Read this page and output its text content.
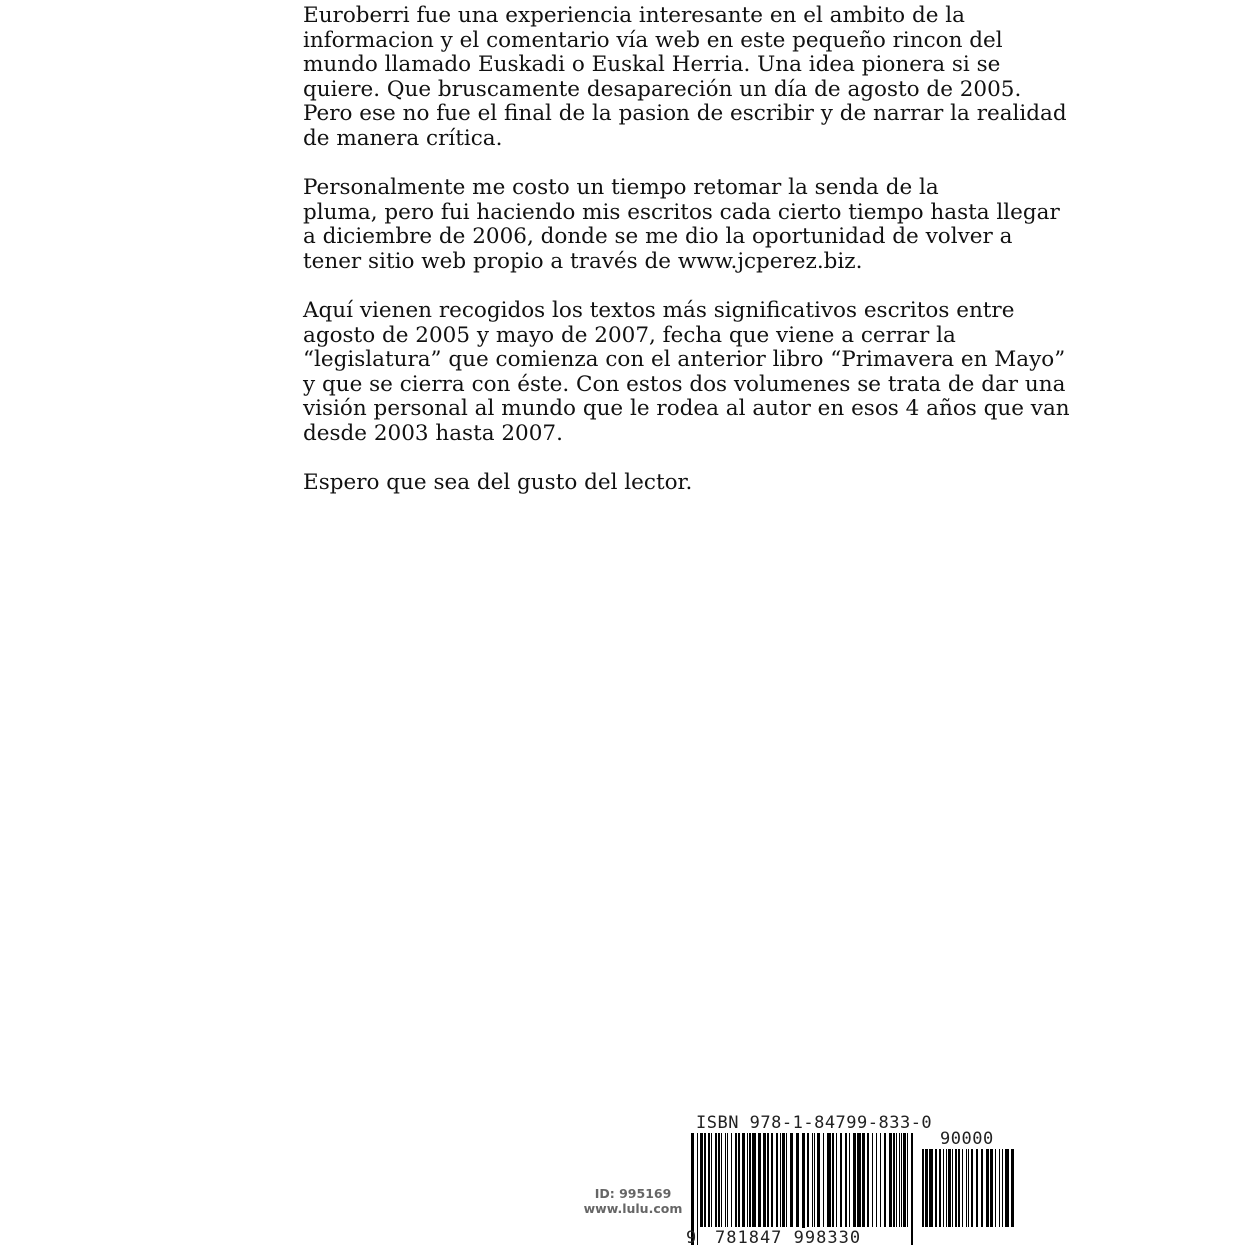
Euroberri fue una experiencia interesante en el ambito de la
informacion y el comentario vía web en este pequeño rincon del
mundo llamado Euskadi o Euskal Herria. Una idea pionera si se
quiere. Que bruscamente desapareción un día de agosto de 2005.
Pero ese no fue el final de la pasion de escribir y de narrar la realidad
de manera crítica.

Personalmente me costo un tiempo retomar la senda de la
pluma, pero fui haciendo mis escritos cada cierto tiempo hasta llegar
a diciembre de 2006, donde se me dio la oportunidad de volver a
tener sitio web propio a través de www.jcperez.biz.

Aquí vienen recogidos los textos más significativos escritos entre
agosto de 2005 y mayo de 2007, fecha que viene a cerrar la
“legislatura” que comienza con el anterior libro “Primavera en Mayo”
y que se cierra con éste. Con estos dos volumenes se trata de dar una
visión personal al mundo que le rodea al autor en esos 4 años que van
desde 2003 hasta 2007.

Espero que sea del gusto del lector.

ID: 995169
www.lulu.com
ISBN 978-1-84799-833-0
90000
9 781847 998330
